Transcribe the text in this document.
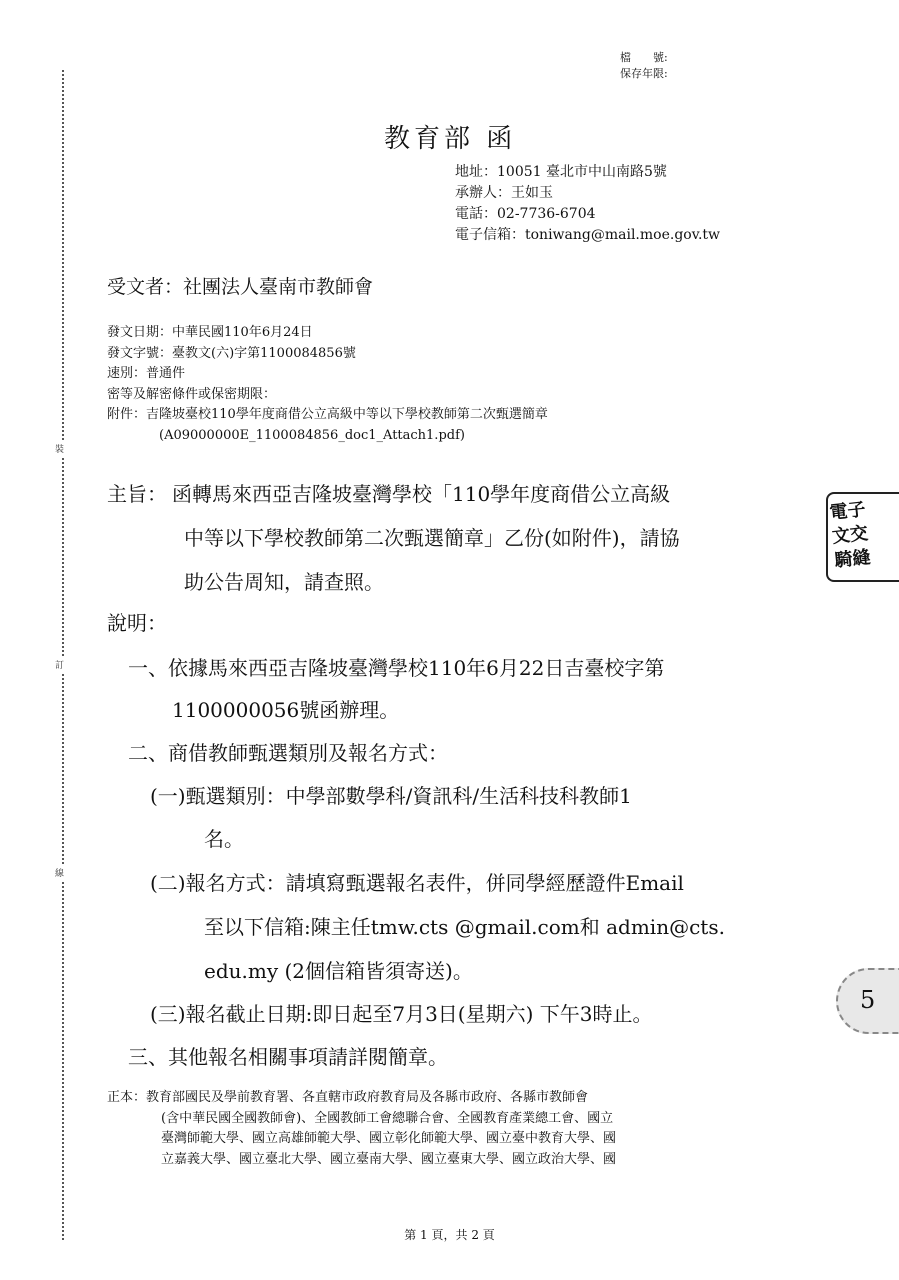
裝
訂
線
檔　　號:
保存年限:
教育部 函
地址：10051 臺北市中山南路5號
承辦人：王如玉
電話：02-7736-6704
電子信箱：toniwang@mail.moe.gov.tw
受文者：社團法人臺南市教師會
發文日期：中華民國110年6月24日
發文字號：臺教文(六)字第1100084856號
速別：普通件
密等及解密條件或保密期限：
附件：吉隆坡臺校110學年度商借公立高級中等以下學校教師第二次甄選簡章
(A09000000E_1100084856_doc1_Attach1.pdf)
主旨： 函轉馬來西亞吉隆坡臺灣學校「110學年度商借公立高級
中等以下學校教師第二次甄選簡章」乙份(如附件)，請協
助公告周知，請查照。
說明：
一、依據馬來西亞吉隆坡臺灣學校110年6月22日吉臺校字第
1100000056號函辦理。
二、商借教師甄選類別及報名方式：
(一)甄選類別：中學部數學科/資訊科/生活科技科教師1
名。
(二)報名方式：請填寫甄選報名表件，併同學經歷證件Email
至以下信箱:陳主任tmw.cts @gmail.com和 admin@cts.
edu.my (2個信箱皆須寄送)。
(三)報名截止日期:即日起至7月3日(星期六) 下午3時止。
三、其他報名相關事項請詳閱簡章。
正本：教育部國民及學前教育署、各直轄市政府教育局及各縣市政府、各縣市教師會
(含中華民國全國教師會)、全國教師工會總聯合會、全國教育產業總工會、國立
臺灣師範大學、國立高雄師範大學、國立彰化師範大學、國立臺中教育大學、國
立嘉義大學、國立臺北大學、國立臺南大學、國立臺東大學、國立政治大學、國
第 1 頁，共 2 頁
電子
文交
騎縫
5
